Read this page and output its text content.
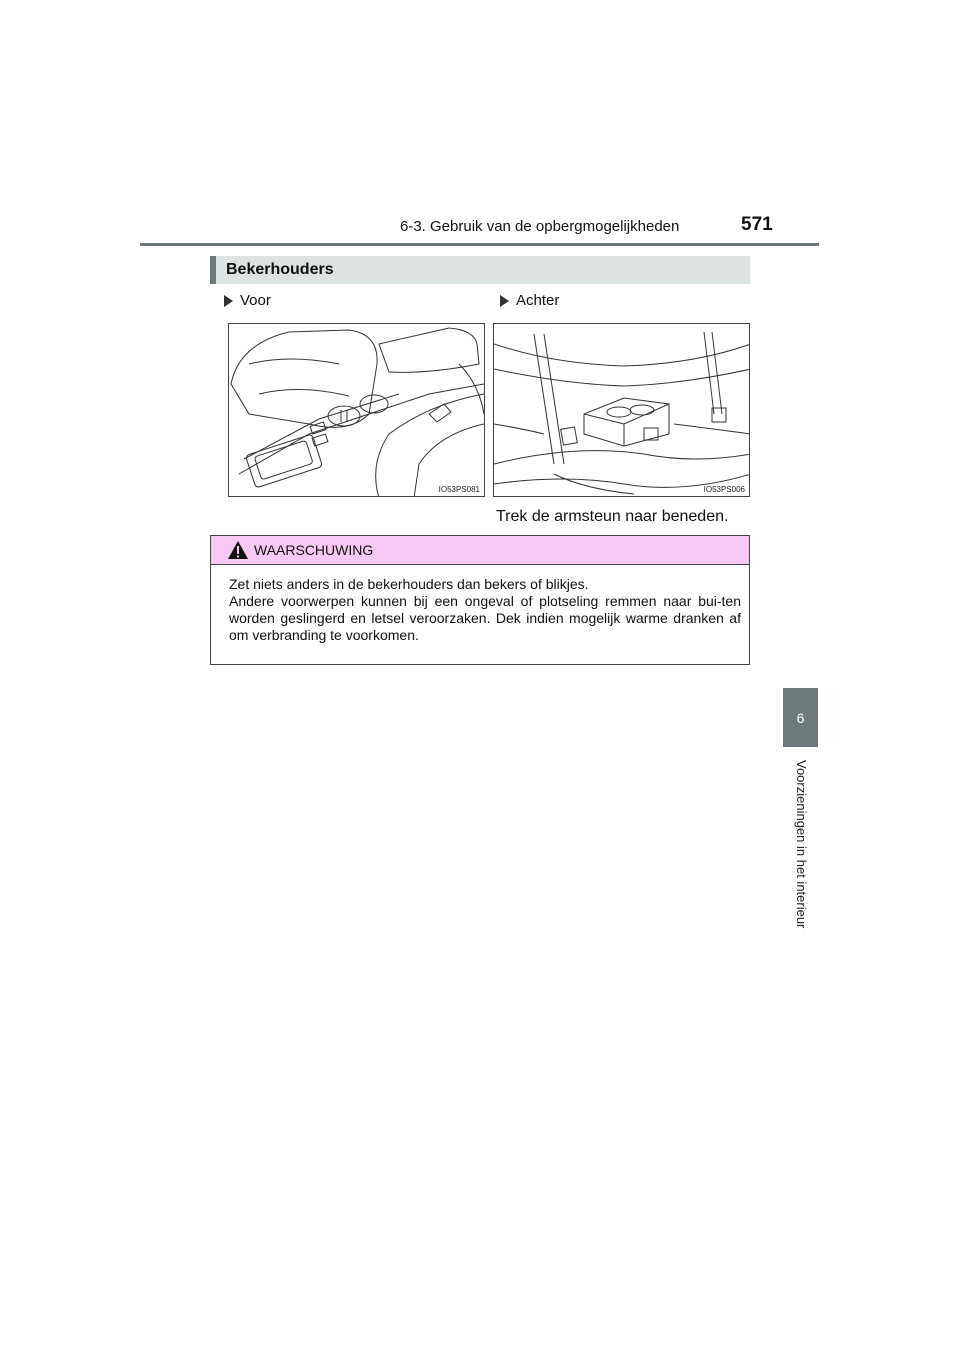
6-3. Gebruik van de opbergmogelijkheden	571
6
Voorzieningen in het interieur
Bekerhouders
Voor	Achter
IO53PS081	IO53PS006
Trek de armsteun naar beneden.
WAARSCHUWING

Zet niets anders in de bekerhouders dan bekers of blikjes.

Andere voorwerpen kunnen bij een ongeval of plotseling remmen naar bui-ten worden geslingerd en letsel veroorzaken. Dek indien mogelijk warme dranken af om verbranding te voorkomen.
